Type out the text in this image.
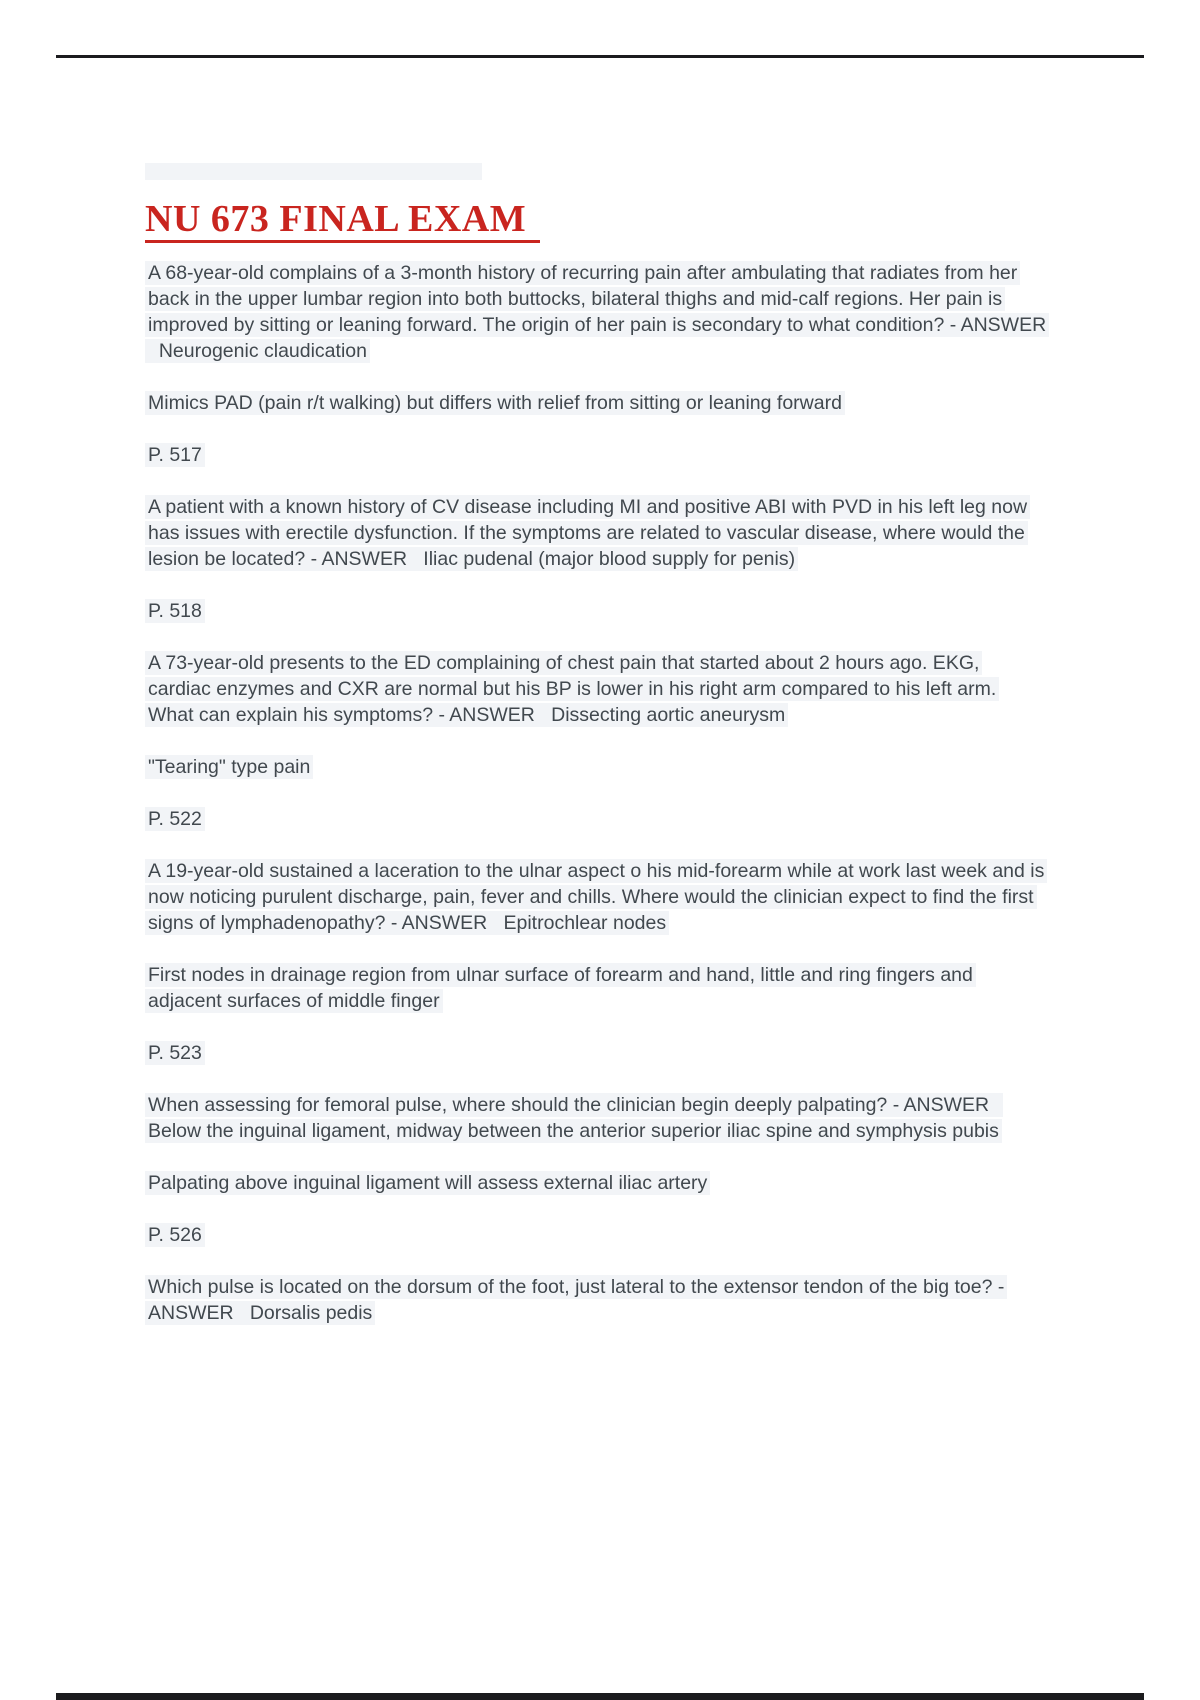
NU 673 FINAL EXAM

A 68-year-old complains of a 3-month history of recurring pain after ambulating that radiates from her back in the upper lumbar region into both buttocks, bilateral thighs and mid-calf regions. Her pain is improved by sitting or leaning forward. The origin of her pain is secondary to what condition? - ANSWER   Neurogenic claudication

Mimics PAD (pain r/t walking) but differs with relief from sitting or leaning forward

P. 517

A patient with a known history of CV disease including MI and positive ABI with PVD in his left leg now has issues with erectile dysfunction. If the symptoms are related to vascular disease, where would the lesion be located? - ANSWER   Iliac pudenal (major blood supply for penis)

P. 518

A 73-year-old presents to the ED complaining of chest pain that started about 2 hours ago. EKG, cardiac enzymes and CXR are normal but his BP is lower in his right arm compared to his left arm. What can explain his symptoms? - ANSWER   Dissecting aortic aneurysm

"Tearing" type pain

P. 522

A 19-year-old sustained a laceration to the ulnar aspect o his mid-forearm while at work last week and is now noticing purulent discharge, pain, fever and chills. Where would the clinician expect to find the first signs of lymphadenopathy? - ANSWER   Epitrochlear nodes

First nodes in drainage region from ulnar surface of forearm and hand, little and ring fingers and adjacent surfaces of middle finger

P. 523

When assessing for femoral pulse, where should the clinician begin deeply palpating? - ANSWER   Below the inguinal ligament, midway between the anterior superior iliac spine and symphysis pubis

Palpating above inguinal ligament will assess external iliac artery

P. 526

Which pulse is located on the dorsum of the foot, just lateral to the extensor tendon of the big toe? - ANSWER   Dorsalis pedis
